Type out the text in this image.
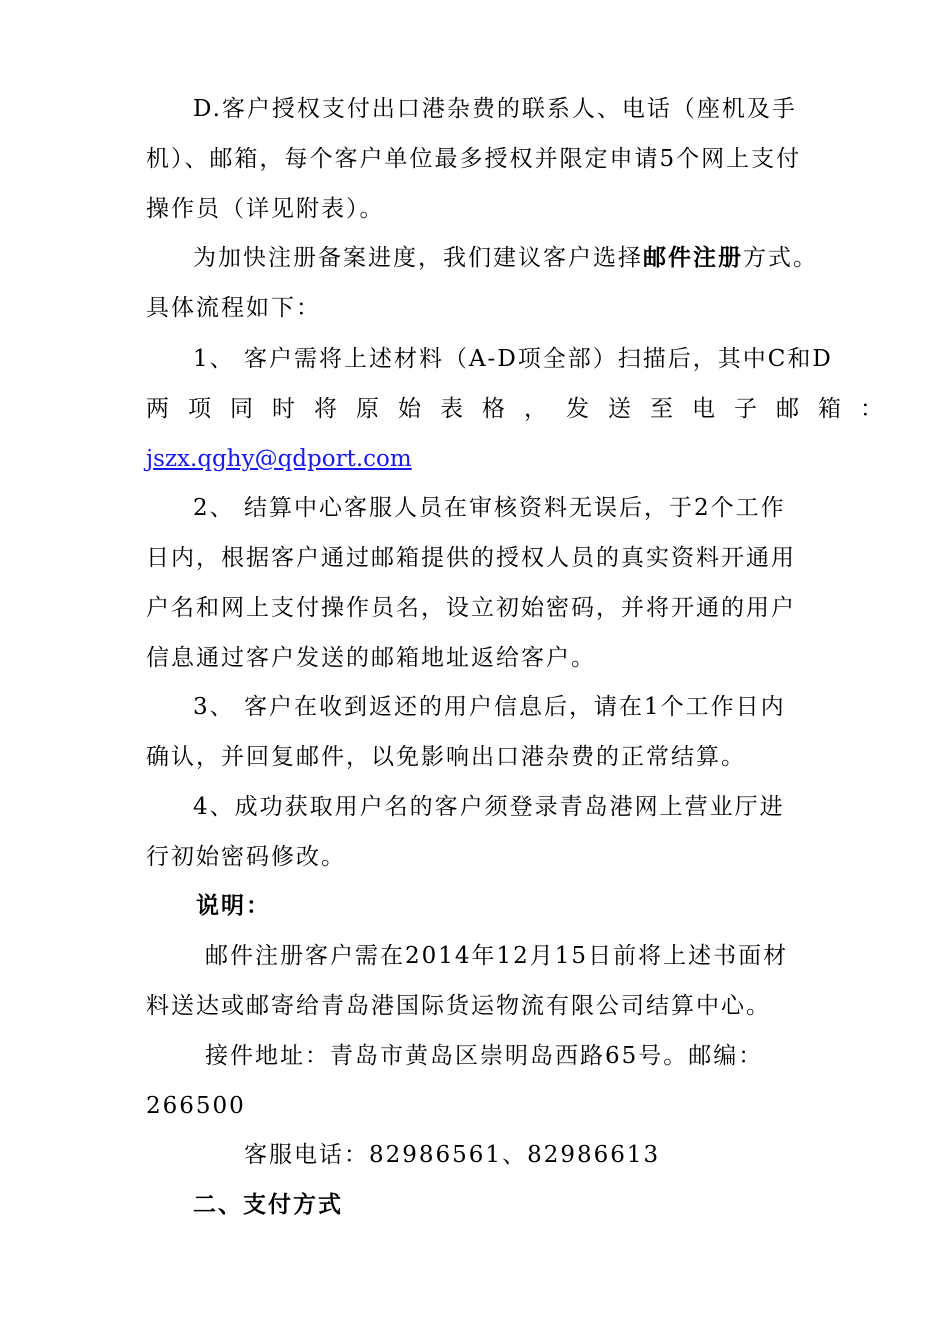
D.客户授权支付出口港杂费的联系人、电话（座机及手
机）、邮箱，每个客户单位最多授权并限定申请5个网上支付
操作员（详见附表）。
为加快注册备案进度，我们建议客户选择邮件注册方式。
具体流程如下：
1、 客户需将上述材料（A-D项全部）扫描后，其中C和D
两项同时将原始表格，发送至电子邮箱：
jszx.qghy@qdport.com
2、 结算中心客服人员在审核资料无误后，于2个工作
日内，根据客户通过邮箱提供的授权人员的真实资料开通用
户名和网上支付操作员名，设立初始密码，并将开通的用户
信息通过客户发送的邮箱地址返给客户。
3、 客户在收到返还的用户信息后，请在1个工作日内
确认，并回复邮件，以免影响出口港杂费的正常结算。
4、成功获取用户名的客户须登录青岛港网上营业厅进
行初始密码修改。
说明：
邮件注册客户需在2014年12月15日前将上述书面材
料送达或邮寄给青岛港国际货运物流有限公司结算中心。
接件地址：青岛市黄岛区崇明岛西路65号。邮编：
266500
客服电话：82986561、82986613
二、支付方式
